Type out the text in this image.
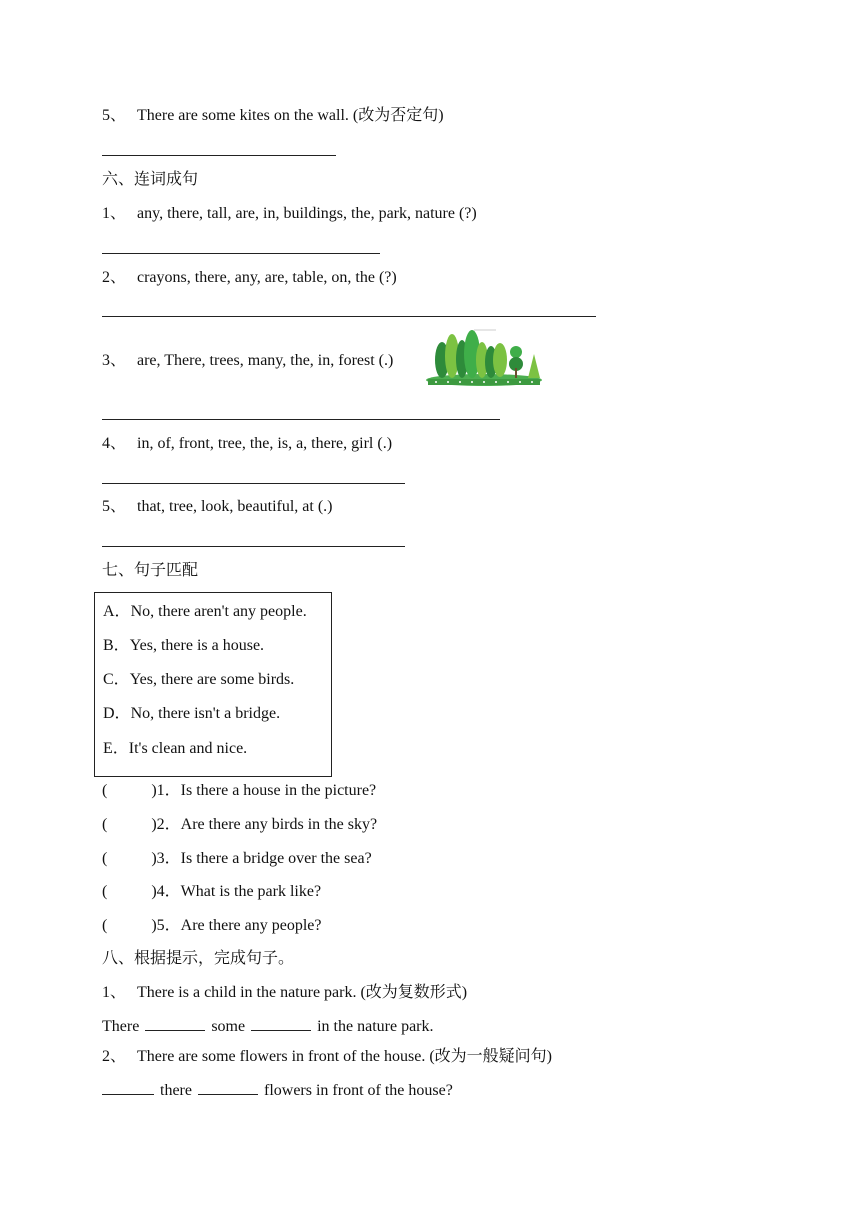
5、 There are some kites on the wall. (改为否定句)
六、连词成句
1、 any, there, tall, are, in, buildings, the, park, nature (?)
2、 crayons, there, any, are, table, on, the (?)
3、 are, There, trees, many, the, in, forest (.)
4、 in, of, front, tree, the, is, a, there, girl (.)
5、 that, tree, look, beautiful, at (.)
七、句子匹配
A．No, there aren't any people.
B．Yes, there is a house.
C．Yes, there are some birds.
D．No, there isn't a bridge.
E．It's clean and nice.
(	)1．Is there a house in the picture?
(	)2．Are there any birds in the sky?
(	)3．Is there a bridge over the sea?
(	)4．What is the park like?
(	)5．Are there any people?
八、根据提示，完成句子。
1、 There is a child in the nature park. (改为复数形式)
There	some	in the nature park.
2、 There are some flowers in front of the house. (改为一般疑问句)
there	flowers in front of the house?
